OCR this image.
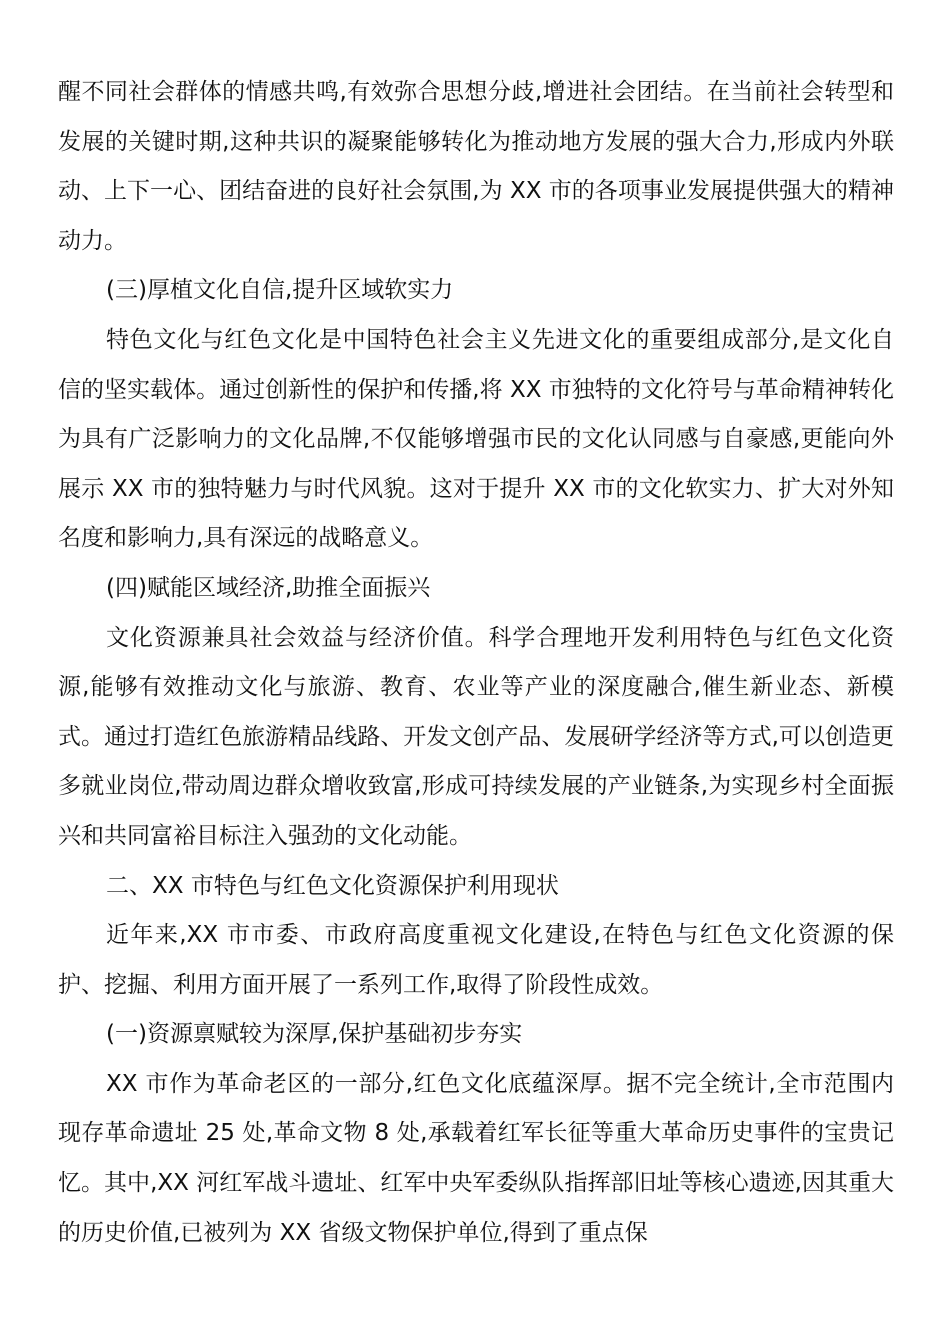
醒不同社会群体的情感共鸣,有效弥合思想分歧,增进社会团结。在当前社会转型和发展的关键时期,这种共识的凝聚能够转化为推动地方发展的强大合力,形成内外联动、上下一心、团结奋进的良好社会氛围,为 XX 市的各项事业发展提供强大的精神动力。

(三)厚植文化自信,提升区域软实力

特色文化与红色文化是中国特色社会主义先进文化的重要组成部分,是文化自信的坚实载体。通过创新性的保护和传播,将 XX 市独特的文化符号与革命精神转化为具有广泛影响力的文化品牌,不仅能够增强市民的文化认同感与自豪感,更能向外展示 XX 市的独特魅力与时代风貌。这对于提升 XX 市的文化软实力、扩大对外知名度和影响力,具有深远的战略意义。

(四)赋能区域经济,助推全面振兴

文化资源兼具社会效益与经济价值。科学合理地开发利用特色与红色文化资源,能够有效推动文化与旅游、教育、农业等产业的深度融合,催生新业态、新模式。通过打造红色旅游精品线路、开发文创产品、发展研学经济等方式,可以创造更多就业岗位,带动周边群众增收致富,形成可持续发展的产业链条,为实现乡村全面振兴和共同富裕目标注入强劲的文化动能。

二、XX 市特色与红色文化资源保护利用现状

近年来,XX 市市委、市政府高度重视文化建设,在特色与红色文化资源的保护、挖掘、利用方面开展了一系列工作,取得了阶段性成效。

(一)资源禀赋较为深厚,保护基础初步夯实

XX 市作为革命老区的一部分,红色文化底蕴深厚。据不完全统计,全市范围内现存革命遗址 25 处,革命文物 8 处,承载着红军长征等重大革命历史事件的宝贵记忆。其中,XX 河红军战斗遗址、红军中央军委纵队指挥部旧址等核心遗迹,因其重大的历史价值,已被列为 XX 省级文物保护单位,得到了重点保
